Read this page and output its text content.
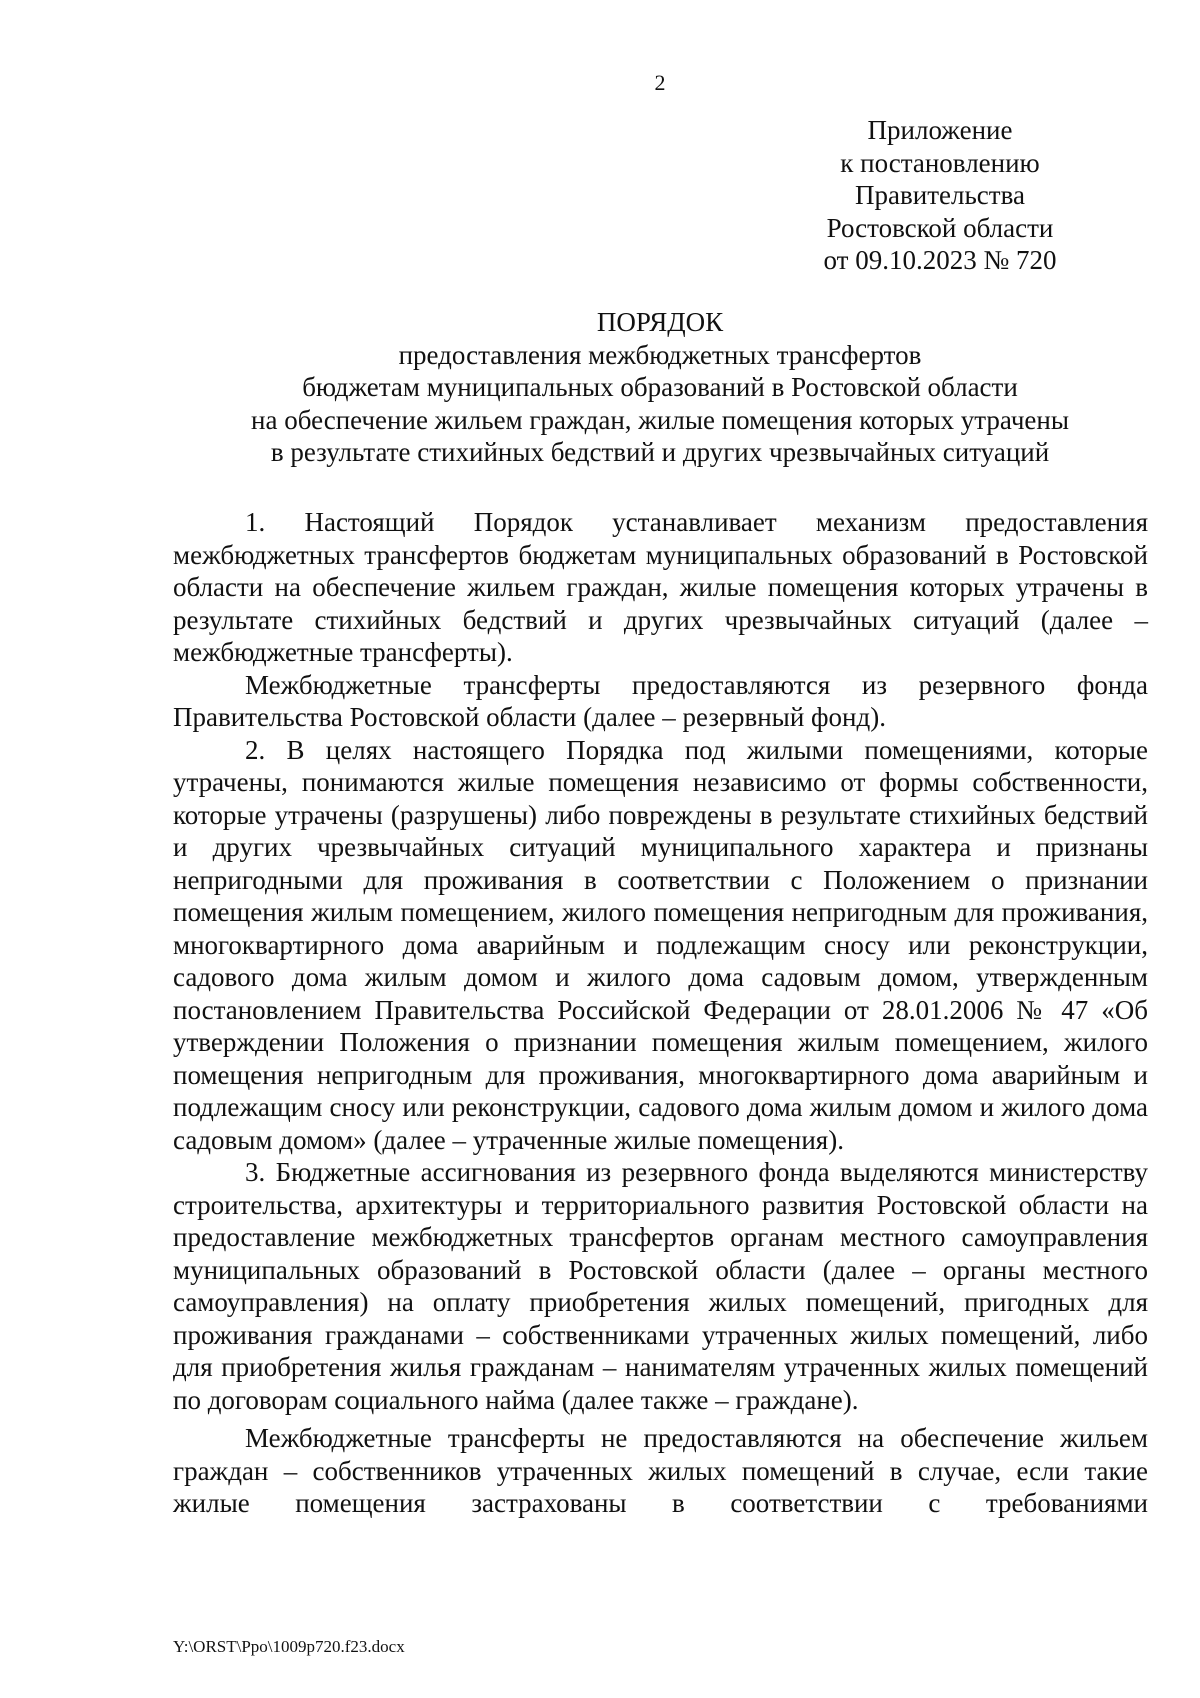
2
Приложение
к постановлению
Правительства
Ростовской области
от 09.10.2023 № 720
ПОРЯДОК
предоставления межбюджетных трансфертов
бюджетам муниципальных образований в Ростовской области
на обеспечение жильем граждан, жилые помещения которых утрачены
в результате стихийных бедствий и других чрезвычайных ситуаций

1. Настоящий Порядок устанавливает механизм предоставления межбюджетных трансфертов бюджетам муниципальных образований в Ростовской области на обеспечение жильем граждан, жилые помещения которых утрачены в результате стихийных бедствий и других чрезвычайных ситуаций (далее – межбюджетные трансферты).

Межбюджетные трансферты предоставляются из резервного фонда Правительства Ростовской области (далее – резервный фонд).

2. В целях настоящего Порядка под жилыми помещениями, которые утрачены, понимаются жилые помещения независимо от формы собственности, которые утрачены (разрушены) либо повреждены в результате стихийных бедствий и других чрезвычайных ситуаций муниципального характера и признаны непригодными для проживания в соответствии с Положением о признании помещения жилым помещением, жилого помещения непригодным для проживания, многоквартирного дома аварийным и подлежащим сносу или реконструкции, садового дома жилым домом и жилого дома садовым домом, утвержденным постановлением Правительства Российской Федерации от 28.01.2006 № 47 «Об утверждении Положения о признании помещения жилым помещением, жилого помещения непригодным для проживания, многоквартирного дома аварийным и подлежащим сносу или реконструкции, садового дома жилым домом и жилого дома садовым домом» (далее – утраченные жилые помещения).

3. Бюджетные ассигнования из резервного фонда выделяются министерству строительства, архитектуры и территориального развития Ростовской области на предоставление межбюджетных трансфертов органам местного самоуправления муниципальных образований в Ростовской области (далее – органы местного самоуправления) на оплату приобретения жилых помещений, пригодных для проживания гражданами – собственниками утраченных жилых помещений, либо для приобретения жилья гражданам – нанимателям утраченных жилых помещений по договорам социального найма (далее также – граждане).

Межбюджетные трансферты не предоставляются на обеспечение жильем граждан – собственников утраченных жилых помещений в случае, если такие жилые помещения застрахованы в соответствии с требованиями

Y:\ORST\Ppo\1009p720.f23.docx
